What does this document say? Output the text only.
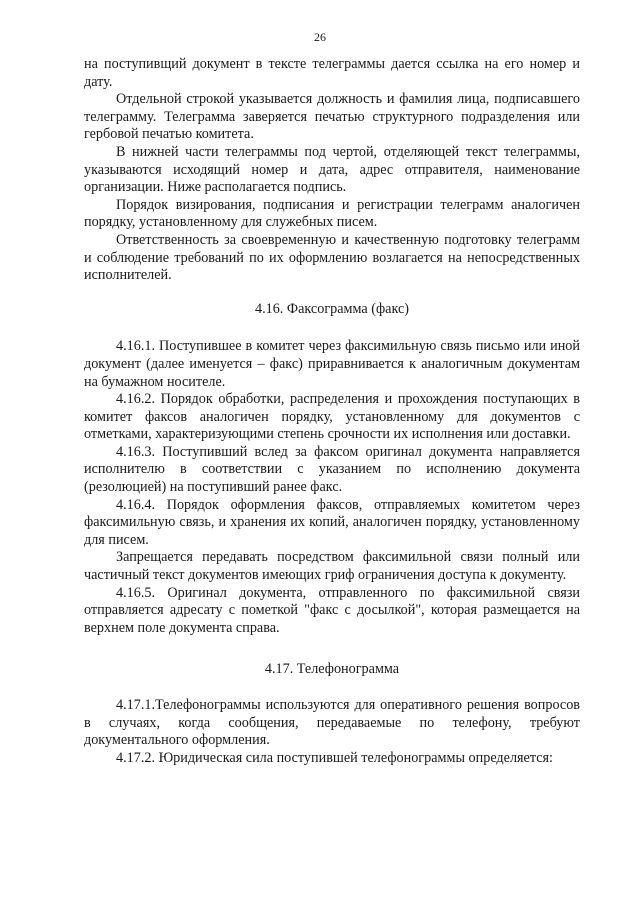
26

на поступивщий документ в тексте телеграммы дается ссылка на его номер и дату.

Отдельной строкой указывается должность и фамилия лица, подписавшего телеграмму. Телеграмма заверяется печатью структурного подразделения или гербовой печатью комитета.

В нижней части телеграммы под чертой, отделяющей текст телеграммы, указываются исходящий номер и дата, адрес отправителя, наименование организации. Ниже располагается подпись.

Порядок визирования, подписания и регистрации телеграмм аналогичен порядку, установленному для служебных писем.

Ответственность за своевременную и качественную подготовку телеграмм и соблюдение требований по их оформлению возлагается на непосредственных исполнителей.

4.16. Факсограмма (факс)

4.16.1. Поступившее в комитет через факсимильную связь письмо или иной документ (далее именуется – факс) приравнивается к аналогичным документам на бумажном носителе.

4.16.2. Порядок обработки, распределения и прохождения поступающих в комитет факсов аналогичен порядку, установленному для документов с отметками, характеризующими степень срочности их исполнения или доставки.

4.16.3. Поступивший вслед за факсом оригинал документа направляется исполнителю в соответствии с указанием по исполнению документа (резолюцией) на поступивший ранее факс.

4.16.4. Порядок оформления факсов, отправляемых комитетом через факсимильную связь, и хранения их копий, аналогичен порядку, установленному для писем.

Запрещается передавать посредством факсимильной связи полный или частичный текст документов имеющих гриф ограничения доступа к документу.

4.16.5. Оригинал документа, отправленного по факсимильной связи отправляется адресату с пометкой "факс с досылкой", которая размещается на верхнем поле документа справа.

4.17. Телефонограмма

4.17.1.Телефонограммы используются для оперативного решения вопросов в случаях, когда сообщения, передаваемые по телефону, требуют документального оформления.

4.17.2. Юридическая сила поступившей телефонограммы определяется:
